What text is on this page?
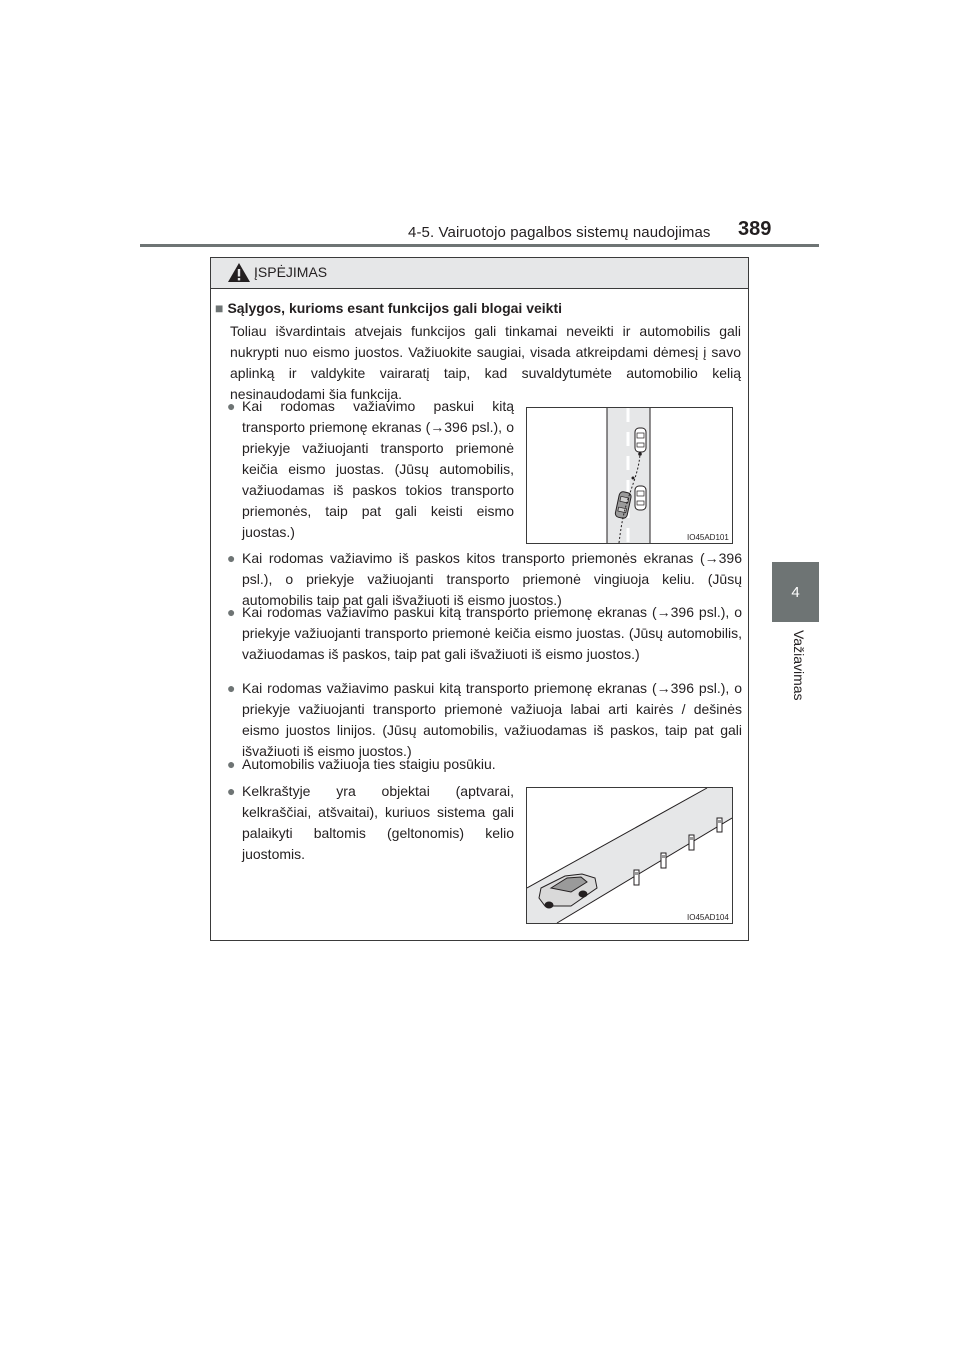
4-5. Vairuotojo pagalbos sistemų naudojimas 389
4
Važiavimas
ĮSPĖJIMAS
■ Sąlygos, kurioms esant funkcijos gali blogai veikti

Toliau išvardintais atvejais funkcijos gali tinkamai neveikti ir automobilis gali nukrypti nuo eismo juostos. Važiuokite saugiai, visada atkreipdami dėmesį į savo aplinką ir valdykite vairaratį taip, kad suvaldytumėte automobilio kelią nesinaudodami šia funkcija.

● Kai rodomas važiavimo paskui kitą transporto priemonę ekranas (→396 psl.), o priekyje važiuojanti transporto priemonė keičia eismo juostas. (Jūsų automobilis, važiuodamas iš paskos tokios transporto priemonės, taip pat gali keisti eismo juostas.)	IO45AD101

● Kai rodomas važiavimo iš paskos kitos transporto priemonės ekranas (→396 psl.), o priekyje važiuojanti transporto priemonė vingiuoja keliu. (Jūsų automobilis taip pat gali išvažiuoti iš eismo juostos.)

● Kai rodomas važiavimo paskui kitą transporto priemonę ekranas (→396 psl.), o priekyje važiuojanti transporto priemonė keičia eismo juostas. (Jūsų automobilis, važiuodamas iš paskos, taip pat gali išvažiuoti iš eismo juostos.)

● Kai rodomas važiavimo paskui kitą transporto priemonę ekranas (→396 psl.), o priekyje važiuojanti transporto priemonė važiuoja labai arti kairės / dešinės eismo juostos linijos. (Jūsų automobilis, važiuodamas iš paskos, taip pat gali išvažiuoti iš eismo juostos.)

● Automobilis važiuoja ties staigiu posūkiu.

● Kelkraštyje yra objektai (aptvarai, kelkraščiai, atšvaitai), kuriuos sistema gali palaikyti baltomis (geltonomis) kelio juostomis.

IO45AD104
